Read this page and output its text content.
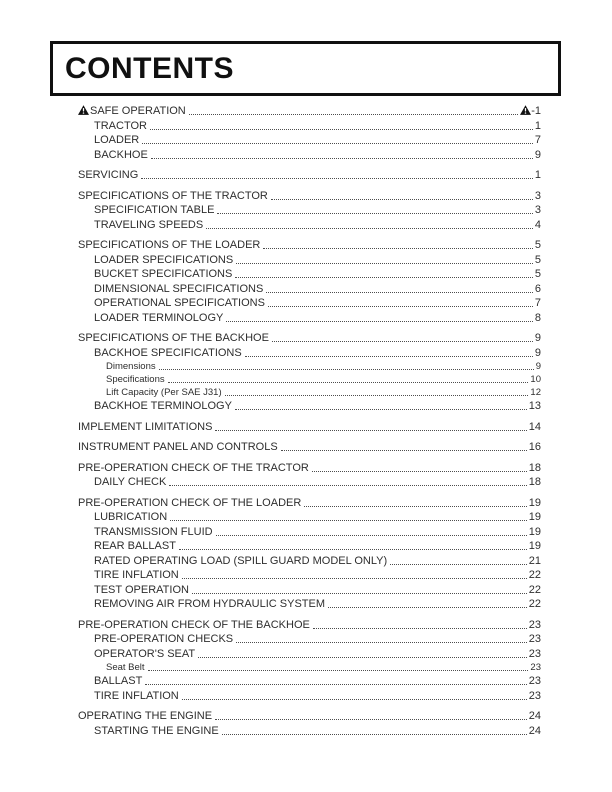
CONTENTS
SAFE OPERATION	-1
TRACTOR	1
LOADER	7
BACKHOE	9
SERVICING	1
SPECIFICATIONS OF THE TRACTOR	3
SPECIFICATION TABLE	3
TRAVELING SPEEDS	4
SPECIFICATIONS OF THE LOADER	5
LOADER SPECIFICATIONS	5
BUCKET SPECIFICATIONS	5
DIMENSIONAL SPECIFICATIONS	6
OPERATIONAL SPECIFICATIONS	7
LOADER TERMINOLOGY	8
SPECIFICATIONS OF THE BACKHOE	9
BACKHOE SPECIFICATIONS	9
Dimensions	9
Specifications	10
Lift Capacity (Per SAE J31)	12
BACKHOE TERMINOLOGY	13
IMPLEMENT LIMITATIONS	14
INSTRUMENT PANEL AND CONTROLS	16
PRE-OPERATION CHECK OF THE TRACTOR	18
DAILY CHECK	18
PRE-OPERATION CHECK OF THE LOADER	19
LUBRICATION	19
TRANSMISSION FLUID	19
REAR BALLAST	19
RATED OPERATING LOAD (SPILL GUARD MODEL ONLY)	21
TIRE INFLATION	22
TEST OPERATION	22
REMOVING AIR FROM HYDRAULIC SYSTEM	22
PRE-OPERATION CHECK OF THE BACKHOE	23
PRE-OPERATION CHECKS	23
OPERATOR'S SEAT	23
Seat Belt	23
BALLAST	23
TIRE INFLATION	23
OPERATING THE ENGINE	24
STARTING THE ENGINE	24
